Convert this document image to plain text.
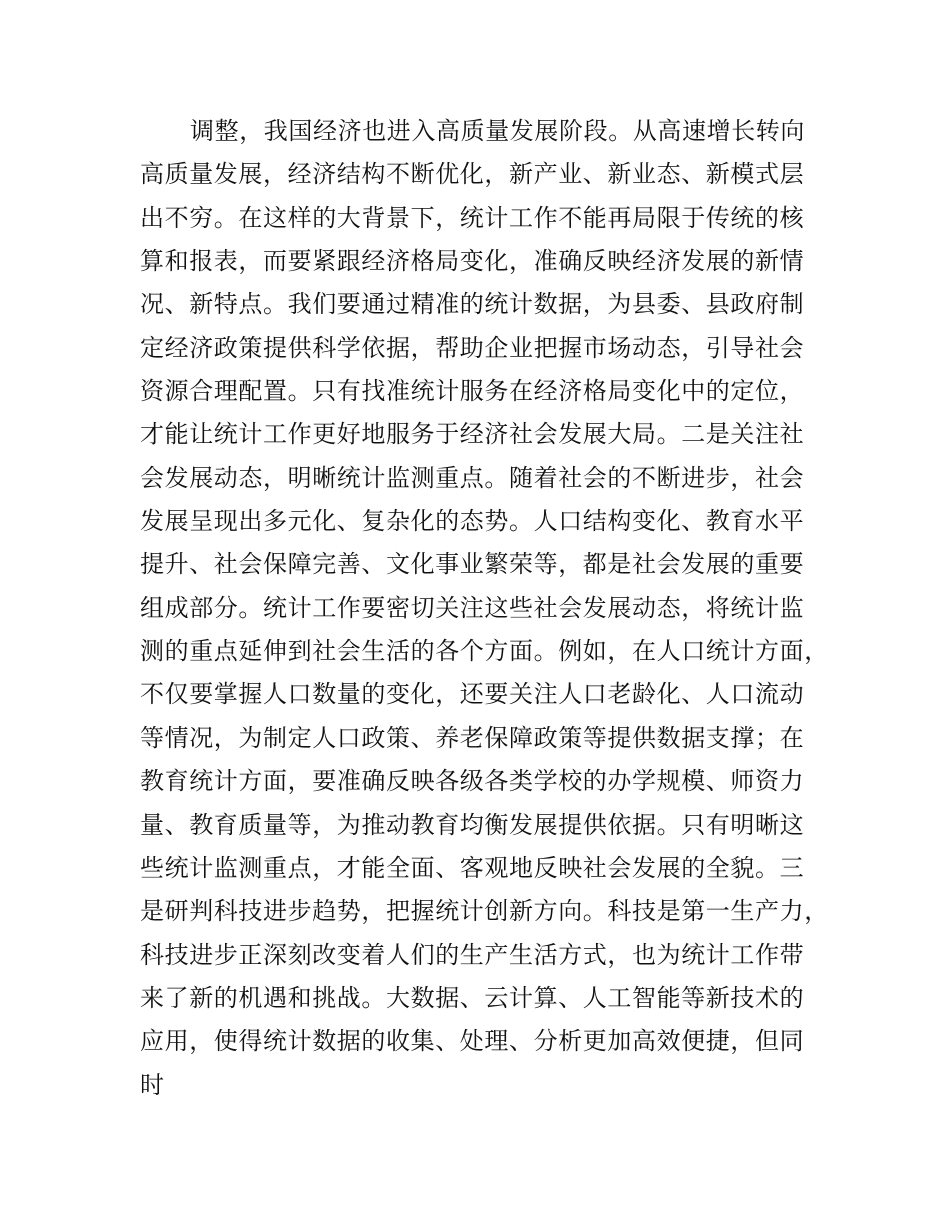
调整，我国经济也进入高质量发展阶段。从高速增长转向
高质量发展，经济结构不断优化，新产业、新业态、新模式层
出不穷。在这样的大背景下，统计工作不能再局限于传统的核
算和报表，而要紧跟经济格局变化，准确反映经济发展的新情
况、新特点。我们要通过精准的统计数据，为县委、县政府制
定经济政策提供科学依据，帮助企业把握市场动态，引导社会
资源合理配置。只有找准统计服务在经济格局变化中的定位，
才能让统计工作更好地服务于经济社会发展大局。二是关注社
会发展动态，明晰统计监测重点。随着社会的不断进步，社会
发展呈现出多元化、复杂化的态势。人口结构变化、教育水平
提升、社会保障完善、文化事业繁荣等，都是社会发展的重要
组成部分。统计工作要密切关注这些社会发展动态，将统计监
测的重点延伸到社会生活的各个方面。例如，在人口统计方面，
不仅要掌握人口数量的变化，还要关注人口老龄化、人口流动
等情况，为制定人口政策、养老保障政策等提供数据支撑；在
教育统计方面，要准确反映各级各类学校的办学规模、师资力
量、教育质量等，为推动教育均衡发展提供依据。只有明晰这
些统计监测重点，才能全面、客观地反映社会发展的全貌。三
是研判科技进步趋势，把握统计创新方向。科技是第一生产力，
科技进步正深刻改变着人们的生产生活方式，也为统计工作带
来了新的机遇和挑战。大数据、云计算、人工智能等新技术的
应用，使得统计数据的收集、处理、分析更加高效便捷，但同
时
